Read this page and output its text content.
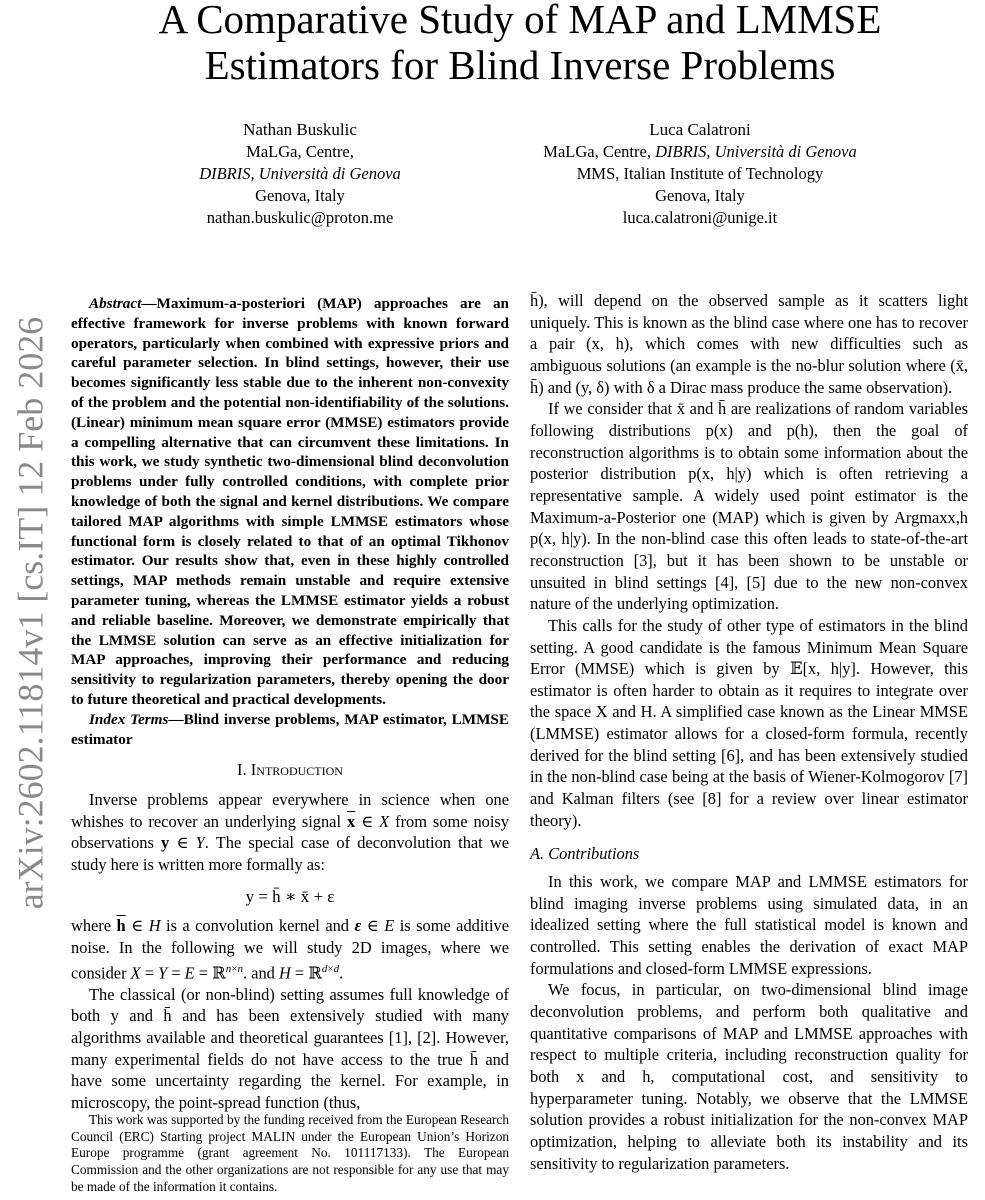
A Comparative Study of MAP and LMMSE
Estimators for Blind Inverse Problems
Nathan Buskulic
MaLGa, Centre,
DIBRIS, Università di Genova
Genova, Italy
nathan.buskulic@proton.me
Luca Calatroni
MaLGa, Centre, DIBRIS, Università di Genova
MMS, Italian Institute of Technology
Genova, Italy
luca.calatroni@unige.it
arXiv:2602.11814v1 [cs.IT] 12 Feb 2026

Abstract—Maximum-a-posteriori (MAP) approaches are an effective framework for inverse problems with known forward operators, particularly when combined with expressive priors and careful parameter selection. In blind settings, however, their use becomes significantly less stable due to the inherent non-convexity of the problem and the potential non-identifiability of the solutions. (Linear) minimum mean square error (MMSE) estimators provide a compelling alternative that can circumvent these limitations. In this work, we study synthetic two-dimensional blind deconvolution problems under fully controlled conditions, with complete prior knowledge of both the signal and kernel distributions. We compare tailored MAP algorithms with simple LMMSE estimators whose functional form is closely related to that of an optimal Tikhonov estimator. Our results show that, even in these highly controlled settings, MAP methods remain unstable and require extensive parameter tuning, whereas the LMMSE estimator yields a robust and reliable baseline. Moreover, we demonstrate empirically that the LMMSE solution can serve as an effective initialization for MAP approaches, improving their performance and reducing sensitivity to regularization parameters, thereby opening the door to future theoretical and practical developments.

Index Terms—Blind inverse problems, MAP estimator, LMMSE estimator

I. Introduction

Inverse problems appear everywhere in science when one whishes to recover an underlying signal $\overline{x}$ ∈ X from some noisy observations y ∈ Y. The special case of deconvolution that we study here is written more formally as:

y = h̄ ∗ x̄ + ε

where $\overline{h}$ ∈ H is a convolution kernel and ε ∈ E is some additive noise. In the following we will study 2D images, where we consider X = Y = E = ℝ$^{n\times n}$. and H = ℝ$^{d\times d}$.

The classical (or non-blind) setting assumes full knowledge of both y and h̄ and has been extensively studied with many algorithms available and theoretical guarantees [1], [2]. However, many experimental fields do not have access to the true h̄ and have some uncertainty regarding the kernel. For example, in microscopy, the point-spread function (thus,

This work was supported by the funding received from the European Research Council (ERC) Starting project MALIN under the European Union’s Horizon Europe programme (grant agreement No. 101117133). The European Commission and the other organizations are not responsible for any use that may be made of the information it contains.

h̄), will depend on the observed sample as it scatters light uniquely. This is known as the blind case where one has to recover a pair (x, h), which comes with new difficulties such as ambiguous solutions (an example is the no-blur solution where (x̄, h̄) and (y, δ) with δ a Dirac mass produce the same observation).

If we consider that x̄ and h̄ are realizations of random variables following distributions p(x) and p(h), then the goal of reconstruction algorithms is to obtain some information about the posterior distribution p(x, h|y) which is often retrieving a representative sample. A widely used point estimator is the Maximum-a-Posterior one (MAP) which is given by Argmaxx,h p(x, h|y). In the non-blind case this often leads to state-of-the-art reconstruction [3], but it has been shown to be unstable or unsuited in blind settings [4], [5] due to the new non-convex nature of the underlying optimization.

This calls for the study of other type of estimators in the blind setting. A good candidate is the famous Minimum Mean Square Error (MMSE) which is given by 𝔼[x, h|y]. However, this estimator is often harder to obtain as it requires to integrate over the space X and H. A simplified case known as the Linear MMSE (LMMSE) estimator allows for a closed-form formula, recently derived for the blind setting [6], and has been extensively studied in the non-blind case being at the basis of Wiener-Kolmogorov [7] and Kalman filters (see [8] for a review over linear estimator theory).

A. Contributions

In this work, we compare MAP and LMMSE estimators for blind imaging inverse problems using simulated data, in an idealized setting where the full statistical model is known and controlled. This setting enables the derivation of exact MAP formulations and closed-form LMMSE expressions.

We focus, in particular, on two-dimensional blind image deconvolution problems, and perform both qualitative and quantitative comparisons of MAP and LMMSE approaches with respect to multiple criteria, including reconstruction quality for both x and h, computational cost, and sensitivity to hyperparameter tuning. Notably, we observe that the LMMSE solution provides a robust initialization for the non-convex MAP optimization, helping to alleviate both its instability and its sensitivity to regularization parameters.
